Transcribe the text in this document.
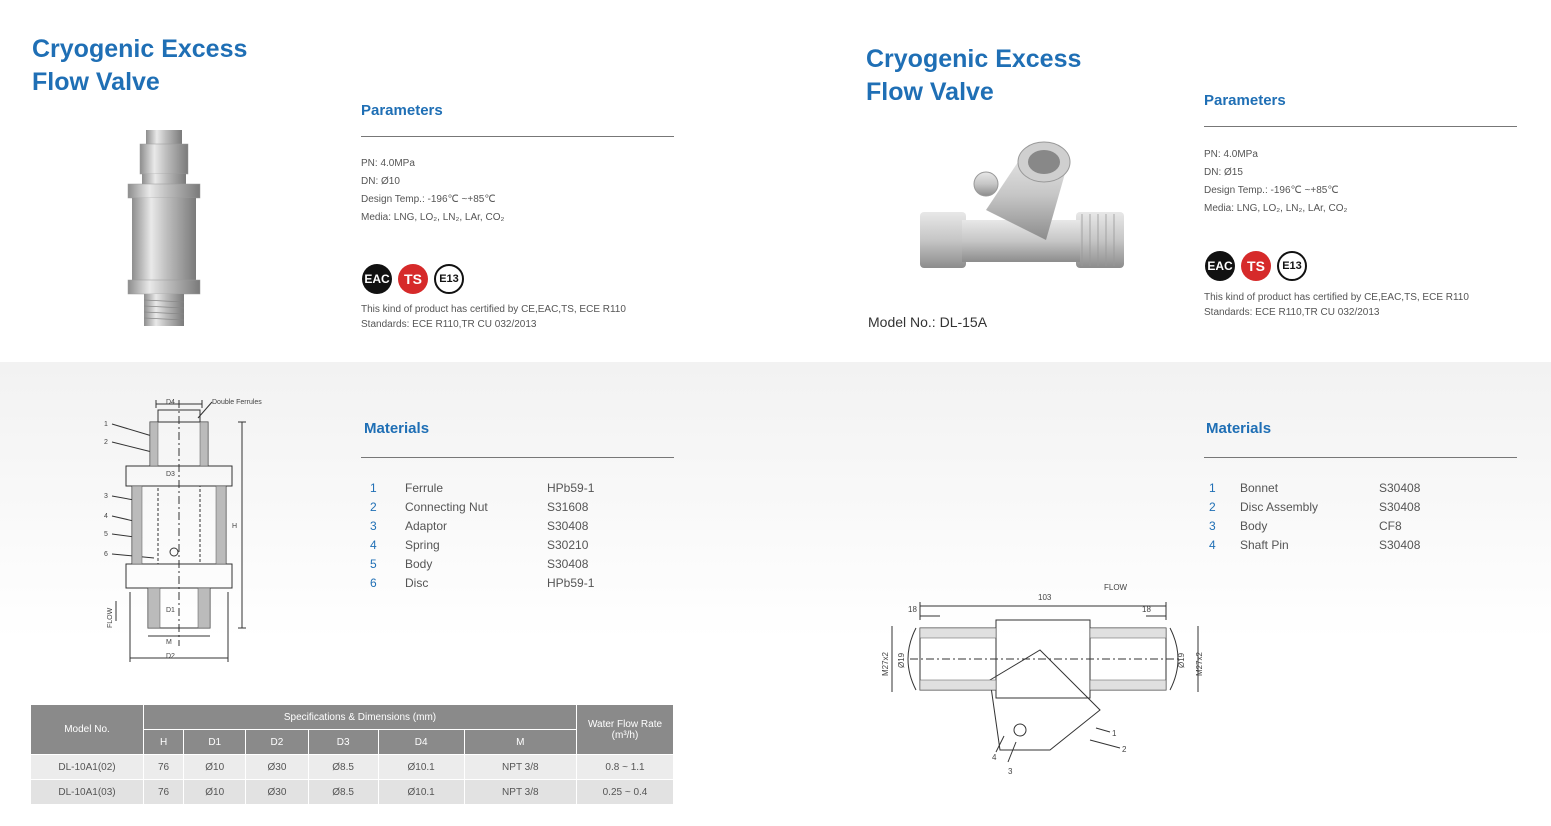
Cryogenic Excess
Flow Valve
Parameters
PN: 4.0MPa
DN: Ø10
Design Temp.: -196℃ ~+85℃
Media: LNG, LO₂, LN₂, LAr, CO₂
EAC	TS	E13
This kind of product has certified by CE,EAC,TS, ECE R110
Standards: ECE R110,TR CU 032/2013
D4	Double Ferrules
D3
D1
H
M
D2
FLOW
1
2
3
4
5
6
Materials
1 Ferrule	HPb59-1
2 Connecting Nut	S31608
3 Adaptor	S30408
4 Spring	S30210
5 Body	S30408
6 Disc	HPb59-1
Model No.	Specifications & Dimensions (mm)						Water Flow Rate
(m³/h)
	H	D1	D2	D3	D4	M	
DL-10A1(02)	76	Ø10	Ø30	Ø8.5	Ø10.1	NPT 3/8	0.8 ~ 1.1
DL-10A1(03)	76	Ø10	Ø30	Ø8.5	Ø10.1	NPT 3/8	0.25 ~ 0.4
Cryogenic Excess
Flow Valve
Model No.: DL-15A
Parameters
PN: 4.0MPa
DN: Ø15
Design Temp.: -196℃ ~+85℃
Media: LNG, LO₂, LN₂, LAr, CO₂
EAC	TS	E13
This kind of product has certified by CE,EAC,TS, ECE R110
Standards: ECE R110,TR CU 032/2013
Materials
1 Bonnet	S30408
2 Disc Assembly	S30408
3 Body	CF8
4 Shaft Pin	S30408
FLOW
103
18	18
M27x2	M27x2
Ø19	Ø19
1
2
3
4
